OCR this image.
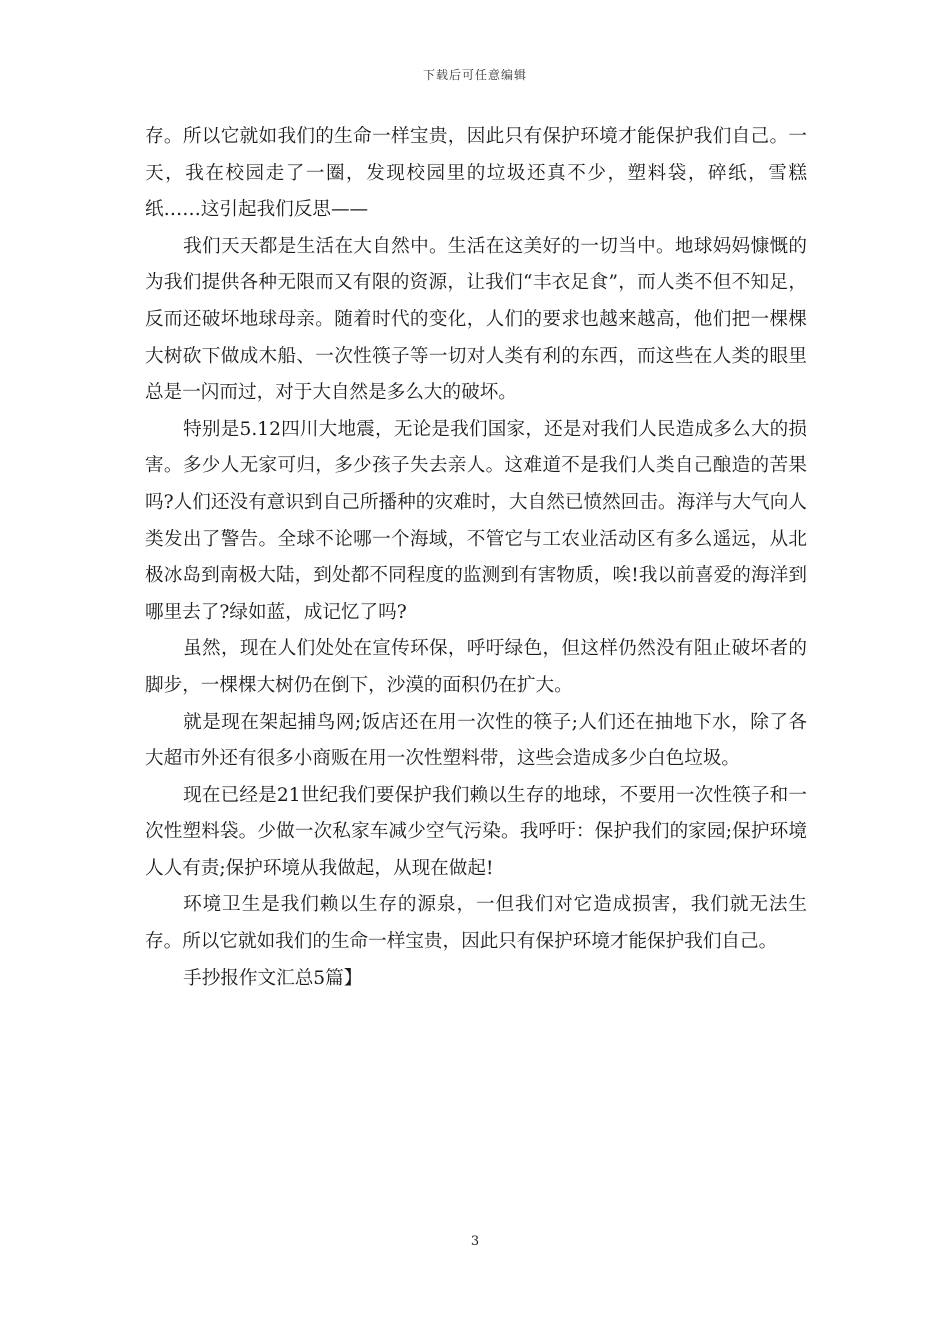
下载后可任意编辑

存。所以它就如我们的生命一样宝贵，因此只有保护环境才能保护我们自己。一天，我在校园走了一圈，发现校园里的垃圾还真不少，塑料袋，碎纸，雪糕纸……这引起我们反思——

我们天天都是生活在大自然中。生活在这美好的一切当中。地球妈妈慷慨的为我们提供各种无限而又有限的资源，让我们“丰衣足食”，而人类不但不知足，反而还破坏地球母亲。随着时代的变化，人们的要求也越来越高，他们把一棵棵大树砍下做成木船、一次性筷子等一切对人类有利的东西，而这些在人类的眼里总是一闪而过，对于大自然是多么大的破坏。

特别是5.12四川大地震，无论是我们国家，还是对我们人民造成多么大的损害。多少人无家可归，多少孩子失去亲人。这难道不是我们人类自己酿造的苦果吗?人们还没有意识到自己所播种的灾难时，大自然已愤然回击。海洋与大气向人类发出了警告。全球不论哪一个海域，不管它与工农业活动区有多么遥远，从北极冰岛到南极大陆，到处都不同程度的监测到有害物质，唉!我以前喜爱的海洋到哪里去了?绿如蓝，成记忆了吗?

虽然，现在人们处处在宣传环保，呼吁绿色，但这样仍然没有阻止破坏者的脚步，一棵棵大树仍在倒下，沙漠的面积仍在扩大。

就是现在架起捕鸟网;饭店还在用一次性的筷子;人们还在抽地下水，除了各大超市外还有很多小商贩在用一次性塑料带，这些会造成多少白色垃圾。

现在已经是21世纪我们要保护我们赖以生存的地球，不要用一次性筷子和一次性塑料袋。少做一次私家车减少空气污染。我呼吁：保护我们的家园;保护环境人人有责;保护环境从我做起，从现在做起!

环境卫生是我们赖以生存的源泉，一但我们对它造成损害，我们就无法生存。所以它就如我们的生命一样宝贵，因此只有保护环境才能保护我们自己。

手抄报作文汇总5篇】

3
